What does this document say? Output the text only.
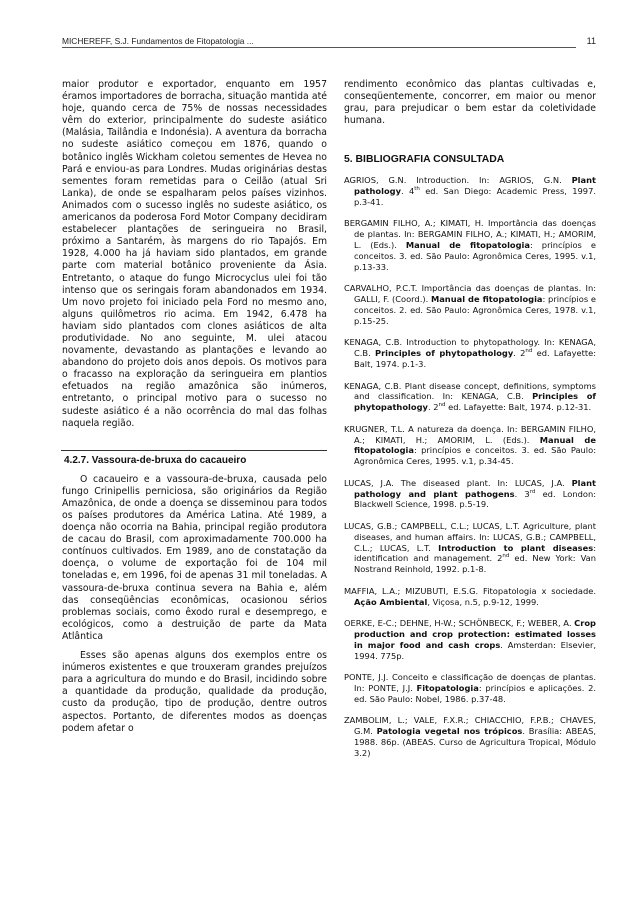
MICHEREFF, S.J. Fundamentos de Fitopatologia ...	11

maior produtor e exportador, enquanto em 1957 éramos importadores de borracha, situação mantida até hoje, quando cerca de 75% de nossas necessidades vêm do exterior, principalmente do sudeste asiático (Malásia, Tailândia e Indonésia). A aventura da borracha no sudeste asiático começou em 1876, quando o botânico inglês Wickham coletou sementes de Hevea no Pará e enviou-as para Londres. Mudas originárias destas sementes foram remetidas para o Ceilão (atual Sri Lanka), de onde se espalharam pelos países vizinhos. Animados com o sucesso inglês no sudeste asiático, os americanos da poderosa Ford Motor Company decidiram estabelecer plantações de seringueira no Brasil, próximo a Santarém, às margens do rio Tapajós. Em 1928, 4.000 ha já haviam sido plantados, em grande parte com material botânico proveniente da Ásia. Entretanto, o ataque do fungo Microcyclus ulei foi tão intenso que os seringais foram abandonados em 1934. Um novo projeto foi iniciado pela Ford no mesmo ano, alguns quilômetros rio acima. Em 1942, 6.478 ha haviam sido plantados com clones asiáticos de alta produtividade. No ano seguinte, M. ulei atacou novamente, devastando as plantações e levando ao abandono do projeto dois anos depois. Os motivos para o fracasso na exploração da seringueira em plantios efetuados na região amazônica são inúmeros, entretanto, o principal motivo para o sucesso no sudeste asiático é a não ocorrência do mal das folhas naquela região.

4.2.7. Vassoura-de-bruxa do cacaueiro

O cacaueiro e a vassoura-de-bruxa, causada pelo fungo Crinipellis perniciosa, são originários da Região Amazônica, de onde a doença se disseminou para todos os países produtores da América Latina. Até 1989, a doença não ocorria na Bahia, principal região produtora de cacau do Brasil, com aproximadamente 700.000 ha contínuos cultivados. Em 1989, ano de constatação da doença, o volume de exportação foi de 104 mil toneladas e, em 1996, foi de apenas 31 mil toneladas. A vassoura-de-bruxa continua severa na Bahia e, além das conseqüências econômicas, ocasionou sérios problemas sociais, como êxodo rural e desemprego, e ecológicos, como a destruição de parte da Mata Atlântica

Esses são apenas alguns dos exemplos entre os inúmeros existentes e que trouxeram grandes prejuízos para a agricultura do mundo e do Brasil, incidindo sobre a quantidade da produção, qualidade da produção, custo da produção, tipo de produção, dentre outros aspectos. Portanto, de diferentes modos as doenças podem afetar o

rendimento econômico das plantas cultivadas e, conseqüentemente, concorrer, em maior ou menor grau, para prejudicar o bem estar da coletividade humana.

5. BIBLIOGRAFIA CONSULTADA

AGRIOS, G.N. Introduction. In: AGRIOS, G.N. Plant pathology. 4th ed. San Diego: Academic Press, 1997. p.3-41.

BERGAMIN FILHO, A.; KIMATI, H. Importância das doenças de plantas. In: BERGAMIN FILHO, A.; KIMATI, H.; AMORIM, L. (Eds.). Manual de fitopatologia: princípios e conceitos. 3. ed. São Paulo: Agronômica Ceres, 1995. v.1, p.13-33.

CARVALHO, P.C.T. Importância das doenças de plantas. In: GALLI, F. (Coord.). Manual de fitopatologia: princípios e conceitos. 2. ed. São Paulo: Agronômica Ceres, 1978. v.1, p.15-25.

KENAGA, C.B. Introduction to phytopathology. In: KENAGA, C.B. Principles of phytopathology. 2nd ed. Lafayette: Balt, 1974. p.1-3.

KENAGA, C.B. Plant disease concept, definitions, symptoms and classification. In: KENAGA, C.B. Principles of phytopathology. 2nd ed. Lafayette: Balt, 1974. p.12-31.

KRUGNER, T.L. A natureza da doença. In: BERGAMIN FILHO, A.; KIMATI, H.; AMORIM, L. (Eds.). Manual de fitopatologia: princípios e conceitos. 3. ed. São Paulo: Agronômica Ceres, 1995. v.1, p.34-45.

LUCAS, J.A. The diseased plant. In: LUCAS, J.A. Plant pathology and plant pathogens. 3rd ed. London: Blackwell Science, 1998. p.5-19.

LUCAS, G.B.; CAMPBELL, C.L.; LUCAS, L.T. Agriculture, plant diseases, and human affairs. In: LUCAS, G.B.; CAMPBELL, C.L.; LUCAS, L.T. Introduction to plant diseases: identification and management. 2nd ed. New York: Van Nostrand Reinhold, 1992. p.1-8.

MAFFIA, L.A.; MIZUBUTI, E.S.G. Fitopatologia x sociedade. Ação Ambiental, Viçosa, n.5, p.9-12, 1999.

OERKE, E-C.; DEHNE, H-W.; SCHÖNBECK, F.; WEBER, A. Crop production and crop protection: estimated losses in major food and cash crops. Amsterdan: Elsevier, 1994. 775p.

PONTE, J.J. Conceito e classificação de doenças de plantas. In: PONTE, J.J. Fitopatologia: princípios e aplicações. 2. ed. São Paulo: Nobel, 1986. p.37-48.

ZAMBOLIM, L.; VALE, F.X.R.; CHIACCHIO, F.P.B.; CHAVES, G.M. Patologia vegetal nos trópicos. Brasília: ABEAS, 1988. 86p. (ABEAS. Curso de Agricultura Tropical, Módulo 3.2)
